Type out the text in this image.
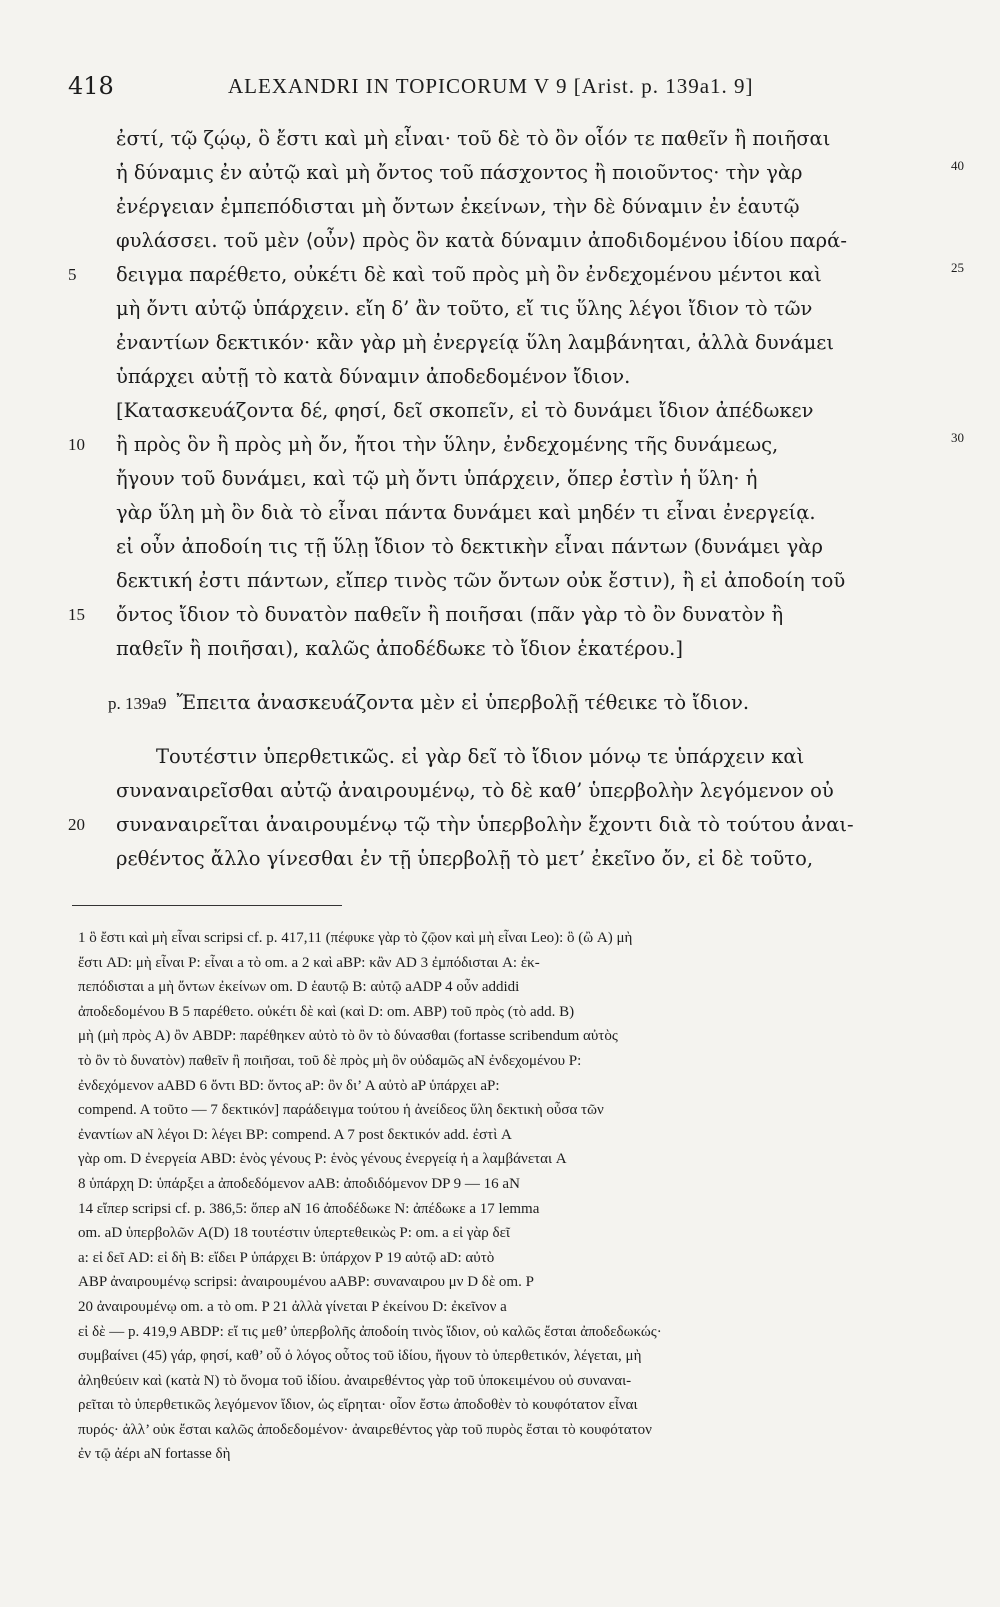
418	ALEXANDRI IN TOPICORUM V 9 [Arist. p. 139a1. 9]
ἐστί, τῷ ζῴῳ, ὃ ἔστι καὶ μὴ εἶναι· τοῦ δὲ τὸ ὂν οἷόν τε παθεῖν ἢ ποιῆσαι
ἡ δύναμις ἐν αὐτῷ καὶ μὴ ὄντος τοῦ πάσχοντος ἢ ποιοῦντος· τὴν γὰρ	40
ἐνέργειαν ἐμπεπόδισται μὴ ὄντων ἐκείνων, τὴν δὲ δύναμιν ἐν ἑαυτῷ
φυλάσσει. τοῦ μὲν ⟨οὖν⟩ πρὸς ὃν κατὰ δύναμιν ἀποδιδομένου ἰδίου παρά-
5	δειγμα παρέθετο, οὐκέτι δὲ καὶ τοῦ πρὸς μὴ ὂν ἐνδεχομένου μέντοι καὶ	25
μὴ ὄντι αὐτῷ ὑπάρχειν. εἴη δ’ ἂν τοῦτο, εἴ τις ὕλης λέγοι ἴδιον τὸ τῶν
ἐναντίων δεκτικόν· κἂν γὰρ μὴ ἐνεργείᾳ ὕλη λαμβάνηται, ἀλλὰ δυνάμει
ὑπάρχει αὐτῇ τὸ κατὰ δύναμιν ἀποδεδομένον ἴδιον.
[Κατασκευάζοντα δέ, φησί, δεῖ σκοπεῖν, εἰ τὸ δυνάμει ἴδιον ἀπέδωκεν
10	ἢ πρὸς ὃν ἢ πρὸς μὴ ὄν, ἤτοι τὴν ὕλην, ἐνδεχομένης τῆς δυνάμεως,	30
ἤγουν τοῦ δυνάμει, καὶ τῷ μὴ ὄντι ὑπάρχειν, ὅπερ ἐστὶν ἡ ὕλη· ἡ
γὰρ ὕλη μὴ ὂν διὰ τὸ εἶναι πάντα δυνάμει καὶ μηδέν τι εἶναι ἐνεργείᾳ.
εἰ οὖν ἀποδοίη τις τῇ ὕλῃ ἴδιον τὸ δεκτικὴν εἶναι πάντων (δυνάμει γὰρ
δεκτική ἐστι πάντων, εἴπερ τινὸς τῶν ὄντων οὐκ ἔστιν), ἢ εἰ ἀποδοίη τοῦ
15	ὄντος ἴδιον τὸ δυνατὸν παθεῖν ἢ ποιῆσαι (πᾶν γὰρ τὸ ὂν δυνατὸν ἢ
παθεῖν ἢ ποιῆσαι), καλῶς ἀποδέδωκε τὸ ἴδιον ἑκατέρου.]
p. 139a9 Ἔπειτα ἀνασκευάζοντα μὲν εἰ ὑπερβολῇ τέθεικε τὸ ἴδιον.
Τουτέστιν ὑπερθετικῶς. εἰ γὰρ δεῖ τὸ ἴδιον μόνῳ τε ὑπάρχειν καὶ
συναναιρεῖσθαι αὐτῷ ἀναιρουμένῳ, τὸ δὲ καθ’ ὑπερβολὴν λεγόμενον οὐ
20	συναναιρεῖται ἀναιρουμένῳ τῷ τὴν ὑπερβολὴν ἔχοντι διὰ τὸ τούτου ἀναι-
ρεθέντος ἄλλο γίνεσθαι ἐν τῇ ὑπερβολῇ τὸ μετ’ ἐκεῖνο ὄν, εἰ δὲ τοῦτο,
1 ὃ ἔστι καὶ μὴ εἶναι scripsi cf. p. 417,11 (πέφυκε γὰρ τὸ ζῷον καὶ μὴ εἶναι Leo): ὃ (ὢ A) μὴ
ἔστι AD: μὴ εἶναι P: εἶναι a τὸ om. a 2 καὶ aBP: κἂν AD 3 ἐμπόδισται A: ἐκ-
πεπόδισται a μὴ ὄντων ἐκείνων om. D ἑαυτῷ B: αὐτῷ aADP 4 οὖν addidi
ἀποδεδομένου B 5 παρέθετο. οὐκέτι δὲ καὶ (καὶ D: om. ABP) τοῦ πρὸς (τὸ add. B)
μὴ (μὴ πρὸς A) ὂν ABDP: παρέθηκεν αὐτὸ τὸ ὂν τὸ δύνασθαι (fortasse scribendum αὐτὸς
τὸ ὂν τὸ δυνατὸν) παθεῖν ἢ ποιῆσαι, τοῦ δὲ πρὸς μὴ ὂν οὐδαμῶς aN ἐνδεχομένου P:
ἐνδεχόμενον aABD 6 ὄντι BD: ὄντος aP: ὂν δι’ A αὐτὸ aP ὑπάρχει aP:
compend. A τοῦτο — 7 δεκτικόν] παράδειγμα τούτου ἡ ἀνείδεος ὕλη δεκτικὴ οὖσα τῶν
ἐναντίων aN λέγοι D: λέγει BP: compend. A 7 post δεκτικόν add. ἐστὶ A
γὰρ om. D ἐνεργεία ABD: ἑνὸς γένους P: ἑνὸς γένους ἐνεργείᾳ ἡ a λαμβάνεται A
8 ὑπάρχη D: ὑπάρξει a ἀποδεδόμενον aAB: ἀποδιδόμενον DP 9 — 16 aN
14 εἴπερ scripsi cf. p. 386,5: ὅπερ aN 16 ἀποδέδωκε N: ἀπέδωκε a 17 lemma
om. aD ὑπερβολῶν A(D) 18 τουτέστιν ὑπερτεθεικὼς P: om. a εἰ γὰρ δεῖ
a: εἰ δεῖ AD: εἰ δὴ B: εἴδει P ὑπάρχει B: ὑπάρχον P 19 αὐτῷ aD: αὐτὸ
ABP ἀναιρουμένῳ scripsi: ἀναιρουμένου aABP: συναναιρου μν D δὲ om. P
20 ἀναιρουμένῳ om. a τὸ om. P 21 ἀλλὰ γίνεται P ἐκείνου D: ἐκεῖνον a
εἰ δὲ — p. 419,9 ABDP: εἴ τις μεθ’ ὑπερβολῆς ἀποδοίη τινὸς ἴδιον, οὐ καλῶς ἔσται ἀποδεδωκώς·
συμβαίνει (45) γάρ, φησί, καθ’ οὗ ὁ λόγος οὗτος τοῦ ἰδίου, ἤγουν τὸ ὑπερθετικόν, λέγεται, μὴ
ἀληθεύειν καὶ (κατὰ N) τὸ ὄνομα τοῦ ἰδίου. ἀναιρεθέντος γὰρ τοῦ ὑποκειμένου οὐ συναναι-
ρεῖται τὸ ὑπερθετικῶς λεγόμενον ἴδιον, ὡς εἴρηται· οἷον ἔστω ἀποδοθὲν τὸ κουφότατον εἶναι
πυρός· ἀλλ’ οὐκ ἔσται καλῶς ἀποδεδομένον· ἀναιρεθέντος γὰρ τοῦ πυρὸς ἔσται τὸ κουφότατον
ἐν τῷ ἀέρι aN fortasse δὴ
